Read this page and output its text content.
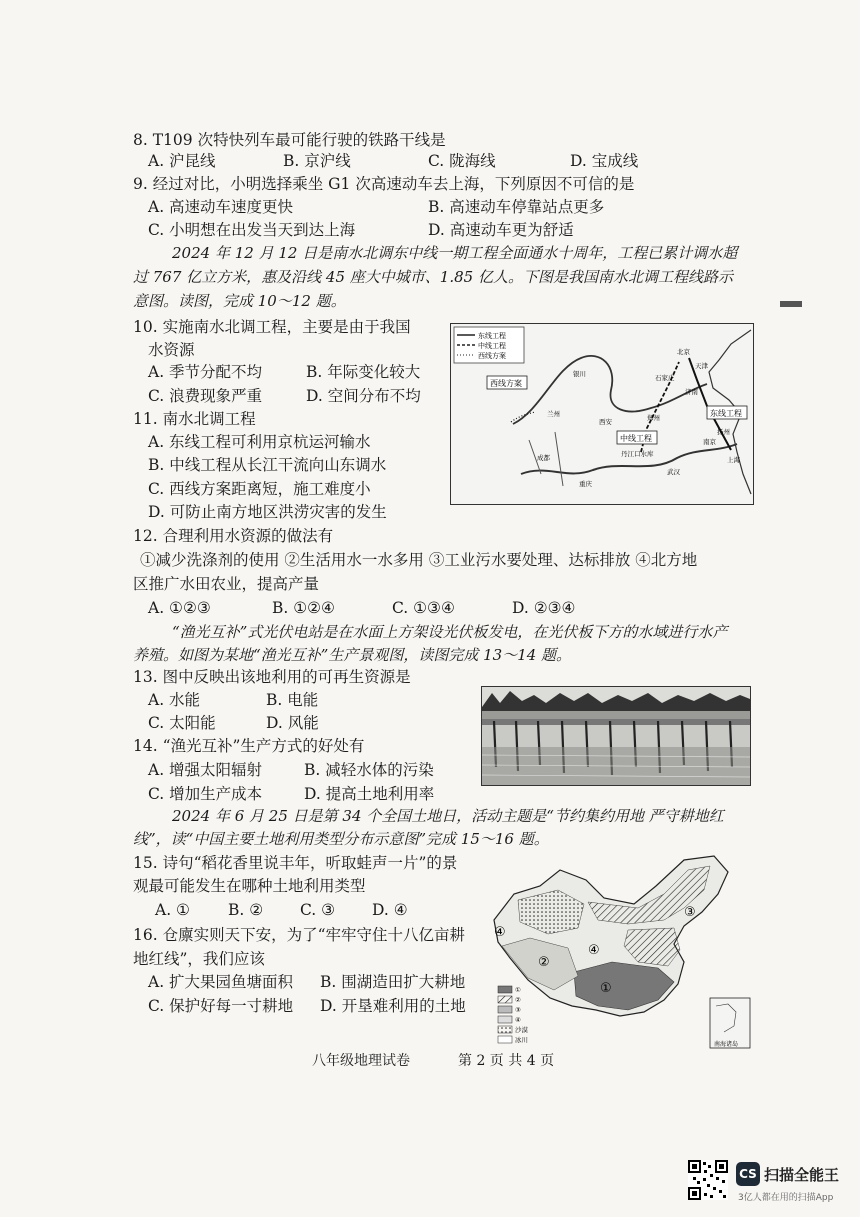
8. T109 次特快列车最可能行驶的铁路干线是
A. 沪昆线	B. 京沪线	C. 陇海线	D. 宝成线
9. 经过对比，小明选择乘坐 G1 次高速动车去上海，下列原因不可信的是
A. 高速动车速度更快	B. 高速动车停靠站点更多
C. 小明想在出发当天到达上海	D. 高速动车更为舒适
2024 年 12 月 12 日是南水北调东中线一期工程全面通水十周年，工程已累计调水超
过 767 亿立方米，惠及沿线 45 座大中城市、1.85 亿人。下图是我国南水北调工程线路示
意图。读图，完成 10～12 题。
10. 实施南水北调工程，主要是由于我国
水资源
A. 季节分配不均	B. 年际变化较大
C. 浪费现象严重	D. 空间分布不均
11. 南水北调工程
A. 东线工程可利用京杭运河输水
B. 中线工程从长江干流向山东调水
C. 西线方案距离短，施工难度小
D. 可防止南方地区洪涝灾害的发生
东线工程
中线工程
西线方案
西线方案
中线工程
东线工程
丹江口水库
银川
兰州
西安	郑州
石家庄
北京
天津
济南
南京
扬州
上海
武汉
重庆
成都
12. 合理利用水资源的做法有
①减少洗涤剂的使用 ②生活用水一水多用 ③工业污水要处理、达标排放 ④北方地
区推广水田农业，提高产量
A. ①②③	B. ①②④	C. ①③④	D. ②③④
“渔光互补”式光伏电站是在水面上方架设光伏板发电，在光伏板下方的水域进行水产
养殖。如图为某地“渔光互补”生产景观图，读图完成 13～14 题。
13. 图中反映出该地利用的可再生资源是
A. 水能	B. 电能
C. 太阳能	D. 风能
14. “渔光互补”生产方式的好处有
A. 增强太阳辐射	B. 减轻水体的污染
C. 增加生产成本	D. 提高土地利用率
2024 年 6 月 25 日是第 34 个全国土地日，活动主题是“节约集约用地 严守耕地红
线”，读“中国主要土地利用类型分布示意图”完成 15～16 题。
15. 诗句“稻花香里说丰年，听取蛙声一片”的景
观最可能发生在哪种土地利用类型
A. ① B. ② C. ③ D. ④
16. 仓廪实则天下安，为了“牢牢守住十八亿亩耕
地红线”，我们应该
A. 扩大果园鱼塘面积 B. 围湖造田扩大耕地
C. 保护好每一寸耕地 D. 开垦难利用的土地
①
②
③
④
④
①
②
③
④
沙漠
冰川
南海诸岛
八年级地理试卷	第 2 页 共 4 页
CS 扫描全能王
3亿人都在用的扫描App
